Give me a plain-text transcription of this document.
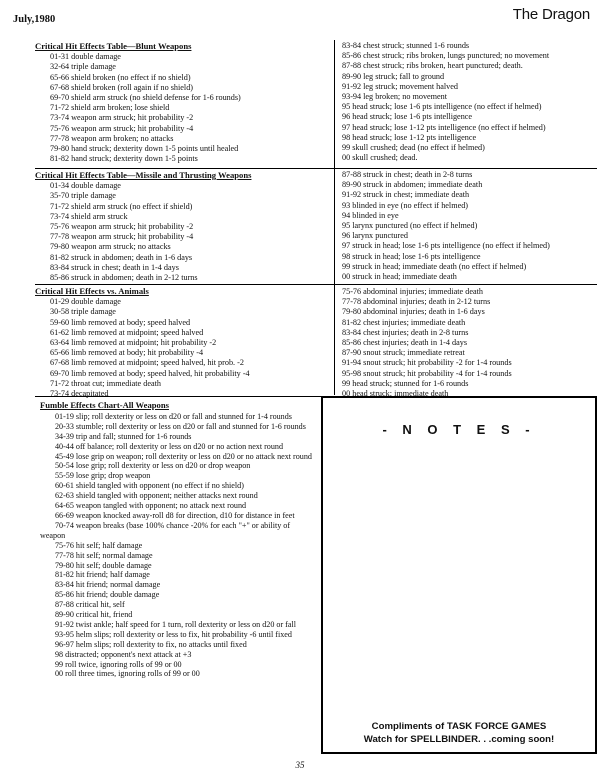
July,1980	The Dragon
Critical Hit Effects Table—Blunt Weapons
01-31 double damage
32-64 triple damage
65-66 shield broken (no effect if no shield)
67-68 shield broken (roll again if no shield)
69-70 shield arm struck (no shield defense for 1-6 rounds)
71-72 shield arm broken; lose shield
73-74 weapon arm struck; hit probability -2
75-76 weapon arm struck; hit probability -4
77-78 weapon arm broken; no attacks
79-80 hand struck; dexterity down 1-5 points until healed
81-82 hand struck; dexterity down 1-5 points
Critical Hit Effects Table—Missile and Thrusting Weapons
01-34 double damage
35-70 triple damage
71-72 shield arm struck (no effect if shield)
73-74 shield arm struck
75-76 weapon arm struck; hit probability -2
77-78 weapon arm struck; hit probability -4
79-80 weapon arm struck; no attacks
81-82 struck in abdomen; death in 1-6 days
83-84 struck in chest; death in 1-4 days
85-86 struck in abdomen; death in 2-12 turns
Critical Hit Effects vs. Animals
01-29 double damage
30-58 triple damage
59-60 limb removed at body; speed halved
61-62 limb removed at midpoint; speed halved
63-64 limb removed at midpoint; hit probability -2
65-66 limb removed at body; hit probability -4
67-68 limb removed at midpoint; speed halved, hit prob. -2
69-70 limb removed at body; speed halved, hit probability -4
71-72 throat cut; immediate death
73-74 decapitated
83-84 chest struck; stunned 1-6 rounds
85-86 chest struck; ribs broken, lungs punctured; no movement
87-88 chest struck; ribs broken, heart punctured; death.
89-90 leg struck; fall to ground
91-92 leg struck; movement halved
93-94 leg broken; no movement
95 head struck; lose 1-6 pts intelligence (no effect if helmed)
96 head struck; lose 1-6 pts intelligence
97 head struck; lose 1-12 pts intelligence (no effect if helmed)
98 head struck; lose 1-12 pts intelligence
99 skull crushed; dead (no effect if helmed)
00 skull crushed; dead.
87-88 struck in chest; death in 2-8 turns
89-90 struck in abdomen; immediate death
91-92 struck in chest; immediate death
93 blinded in eye (no effect if helmed)
94 blinded in eye
95 larynx punctured (no effect if helmed)
96 larynx punctured
97 struck in head; lose 1-6 pts intelligence (no effect if helmed)
98 struck in head; lose 1-6 pts intelligence
99 struck in head; immediate death (no effect if helmed)
00 struck in head; immediate death
75-76 abdominal injuries; immediate death
77-78 abdominal injuries; death in 2-12 turns
79-80 abdominal injuries; death in 1-6 days
81-82 chest injuries; immediate death
83-84 chest injuries; death in 2-8 turns
85-86 chest injuries; death in 1-4 days
87-90 snout struck; immediate retreat
91-94 snout struck; hit probability -2 for 1-4 rounds
95-98 snout struck; hit probability -4 for 1-4 rounds
99 head struck; stunned for 1-6 rounds
00 head struck; immediate death
Fumble Effects Chart-All Weapons
01-19 slip; roll dexterity or less on d20 or fall and stunned for 1-4 rounds
20-33 stumble; roll dexterity or less on d20 or fall and stunned for 1-6 rounds
34-39 trip and fall; stunned for 1-6 rounds
40-44 off balance; roll dexterity or less on d20 or no action next round
45-49 lose grip on weapon; roll dexterity or less on d20 or no attack next round
50-54 lose grip; roll dexterity or less on d20 or drop weapon
55-59 lose grip; drop weapon
60-61 shield tangled with opponent (no effect if no shield)
62-63 shield tangled with opponent; neither attacks next round
64-65 weapon tangled with opponent; no attack next round
66-69 weapon knocked away-roll d8 for direction, d10 for distance in feet
70-74 weapon breaks (base 100% chance -20% for each "+" or ability of weapon
75-76 hit self; half damage
77-78 hit self; normal damage
79-80 hit self; double damage
81-82 hit friend; half damage
83-84 hit friend; normal damage
85-86 hit friend; double damage
87-88 critical hit, self
89-90 critical hit, friend
91-92 twist ankle; half speed for 1 turn, roll dexterity or less on d20 or fall
93-95 helm slips; roll dexterity or less to fix, hit probability -6 until fixed
96-97 helm slips; roll dexterity to fix, no attacks until fixed
98 distracted; opponent's next attack at +3
99 roll twice, ignoring rolls of 99 or 00
00 roll three times, ignoring rolls of 99 or 00
- N O T E S -
Compliments of TASK FORCE GAMES
Watch for SPELLBINDER. . .coming soon!
35
